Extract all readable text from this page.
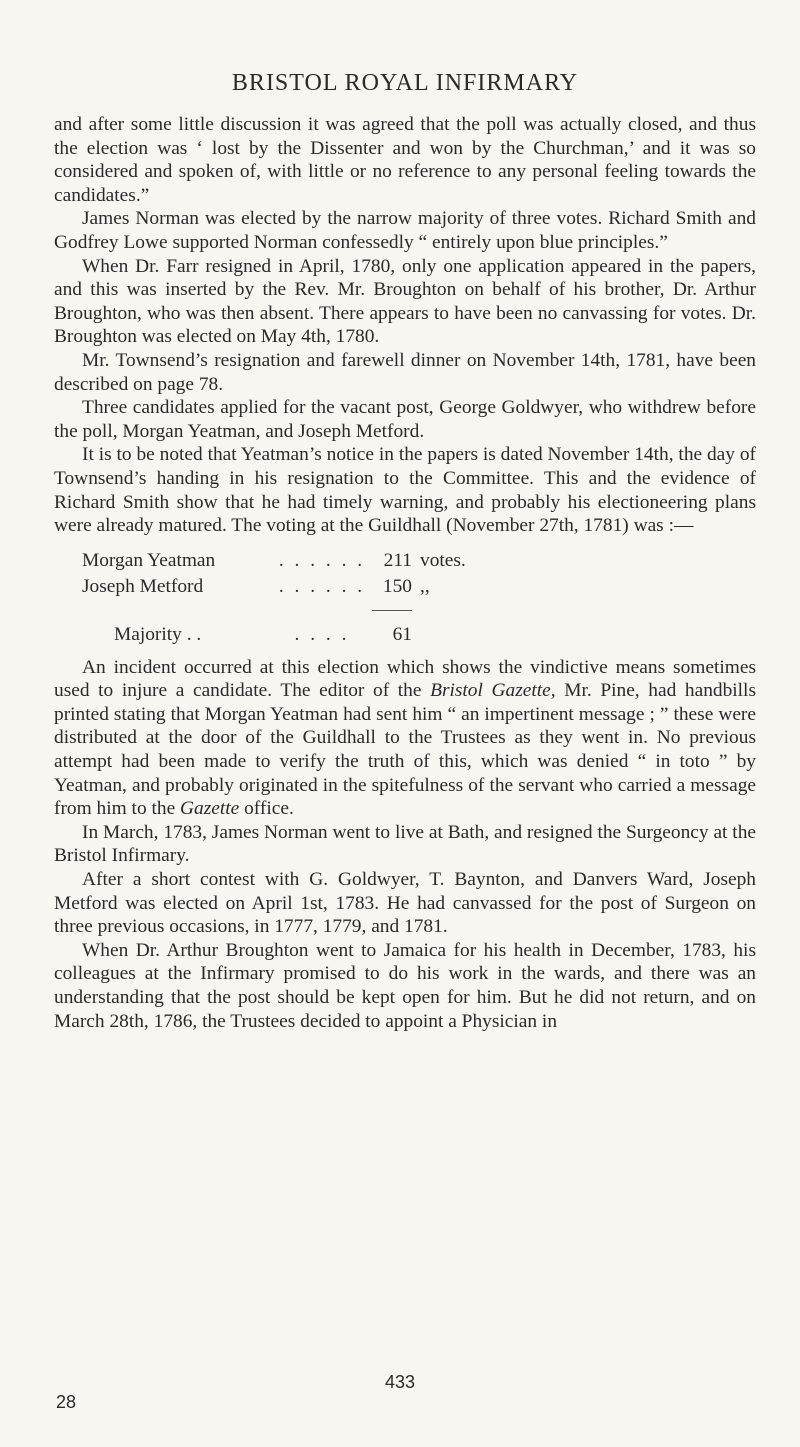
BRISTOL ROYAL INFIRMARY

and after some little discussion it was agreed that the poll was actually closed, and thus the election was ‘ lost by the Dissenter and won by the Churchman,’ and it was so considered and spoken of, with little or no reference to any personal feeling towards the candidates.”

James Norman was elected by the narrow majority of three votes. Richard Smith and Godfrey Lowe supported Norman confessedly “ entirely upon blue principles.”

When Dr. Farr resigned in April, 1780, only one application appeared in the papers, and this was inserted by the Rev. Mr. Broughton on behalf of his brother, Dr. Arthur Broughton, who was then absent. There appears to have been no canvassing for votes. Dr. Broughton was elected on May 4th, 1780.

Mr. Townsend’s resignation and farewell dinner on November 14th, 1781, have been described on page 78.

Three candidates applied for the vacant post, George Goldwyer, who withdrew before the poll, Morgan Yeatman, and Joseph Metford.

It is to be noted that Yeatman’s notice in the papers is dated November 14th, the day of Townsend’s handing in his resignation to the Committee. This and the evidence of Richard Smith show that he had timely warning, and probably his electioneering plans were already matured. The voting at the Guildhall (November 27th, 1781) was :—

Morgan Yeatman	. . . . . . 211 votes.
Joseph Metford	. . . . . . 150 ,,
Majority . .	. . . .	61

An incident occurred at this election which shows the vindictive means sometimes used to injure a candidate. The editor of the Bristol Gazette, Mr. Pine, had handbills printed stating that Morgan Yeatman had sent him “ an impertinent message ; ” these were distributed at the door of the Guildhall to the Trustees as they went in. No previous attempt had been made to verify the truth of this, which was denied “ in toto ” by Yeatman, and probably originated in the spitefulness of the servant who carried a message from him to the Gazette office.

In March, 1783, James Norman went to live at Bath, and resigned the Surgeoncy at the Bristol Infirmary.

After a short contest with G. Goldwyer, T. Baynton, and Danvers Ward, Joseph Metford was elected on April 1st, 1783. He had canvassed for the post of Surgeon on three previous occasions, in 1777, 1779, and 1781.

When Dr. Arthur Broughton went to Jamaica for his health in December, 1783, his colleagues at the Infirmary promised to do his work in the wards, and there was an understanding that the post should be kept open for him. But he did not return, and on March 28th, 1786, the Trustees decided to appoint a Physician in

433
28
